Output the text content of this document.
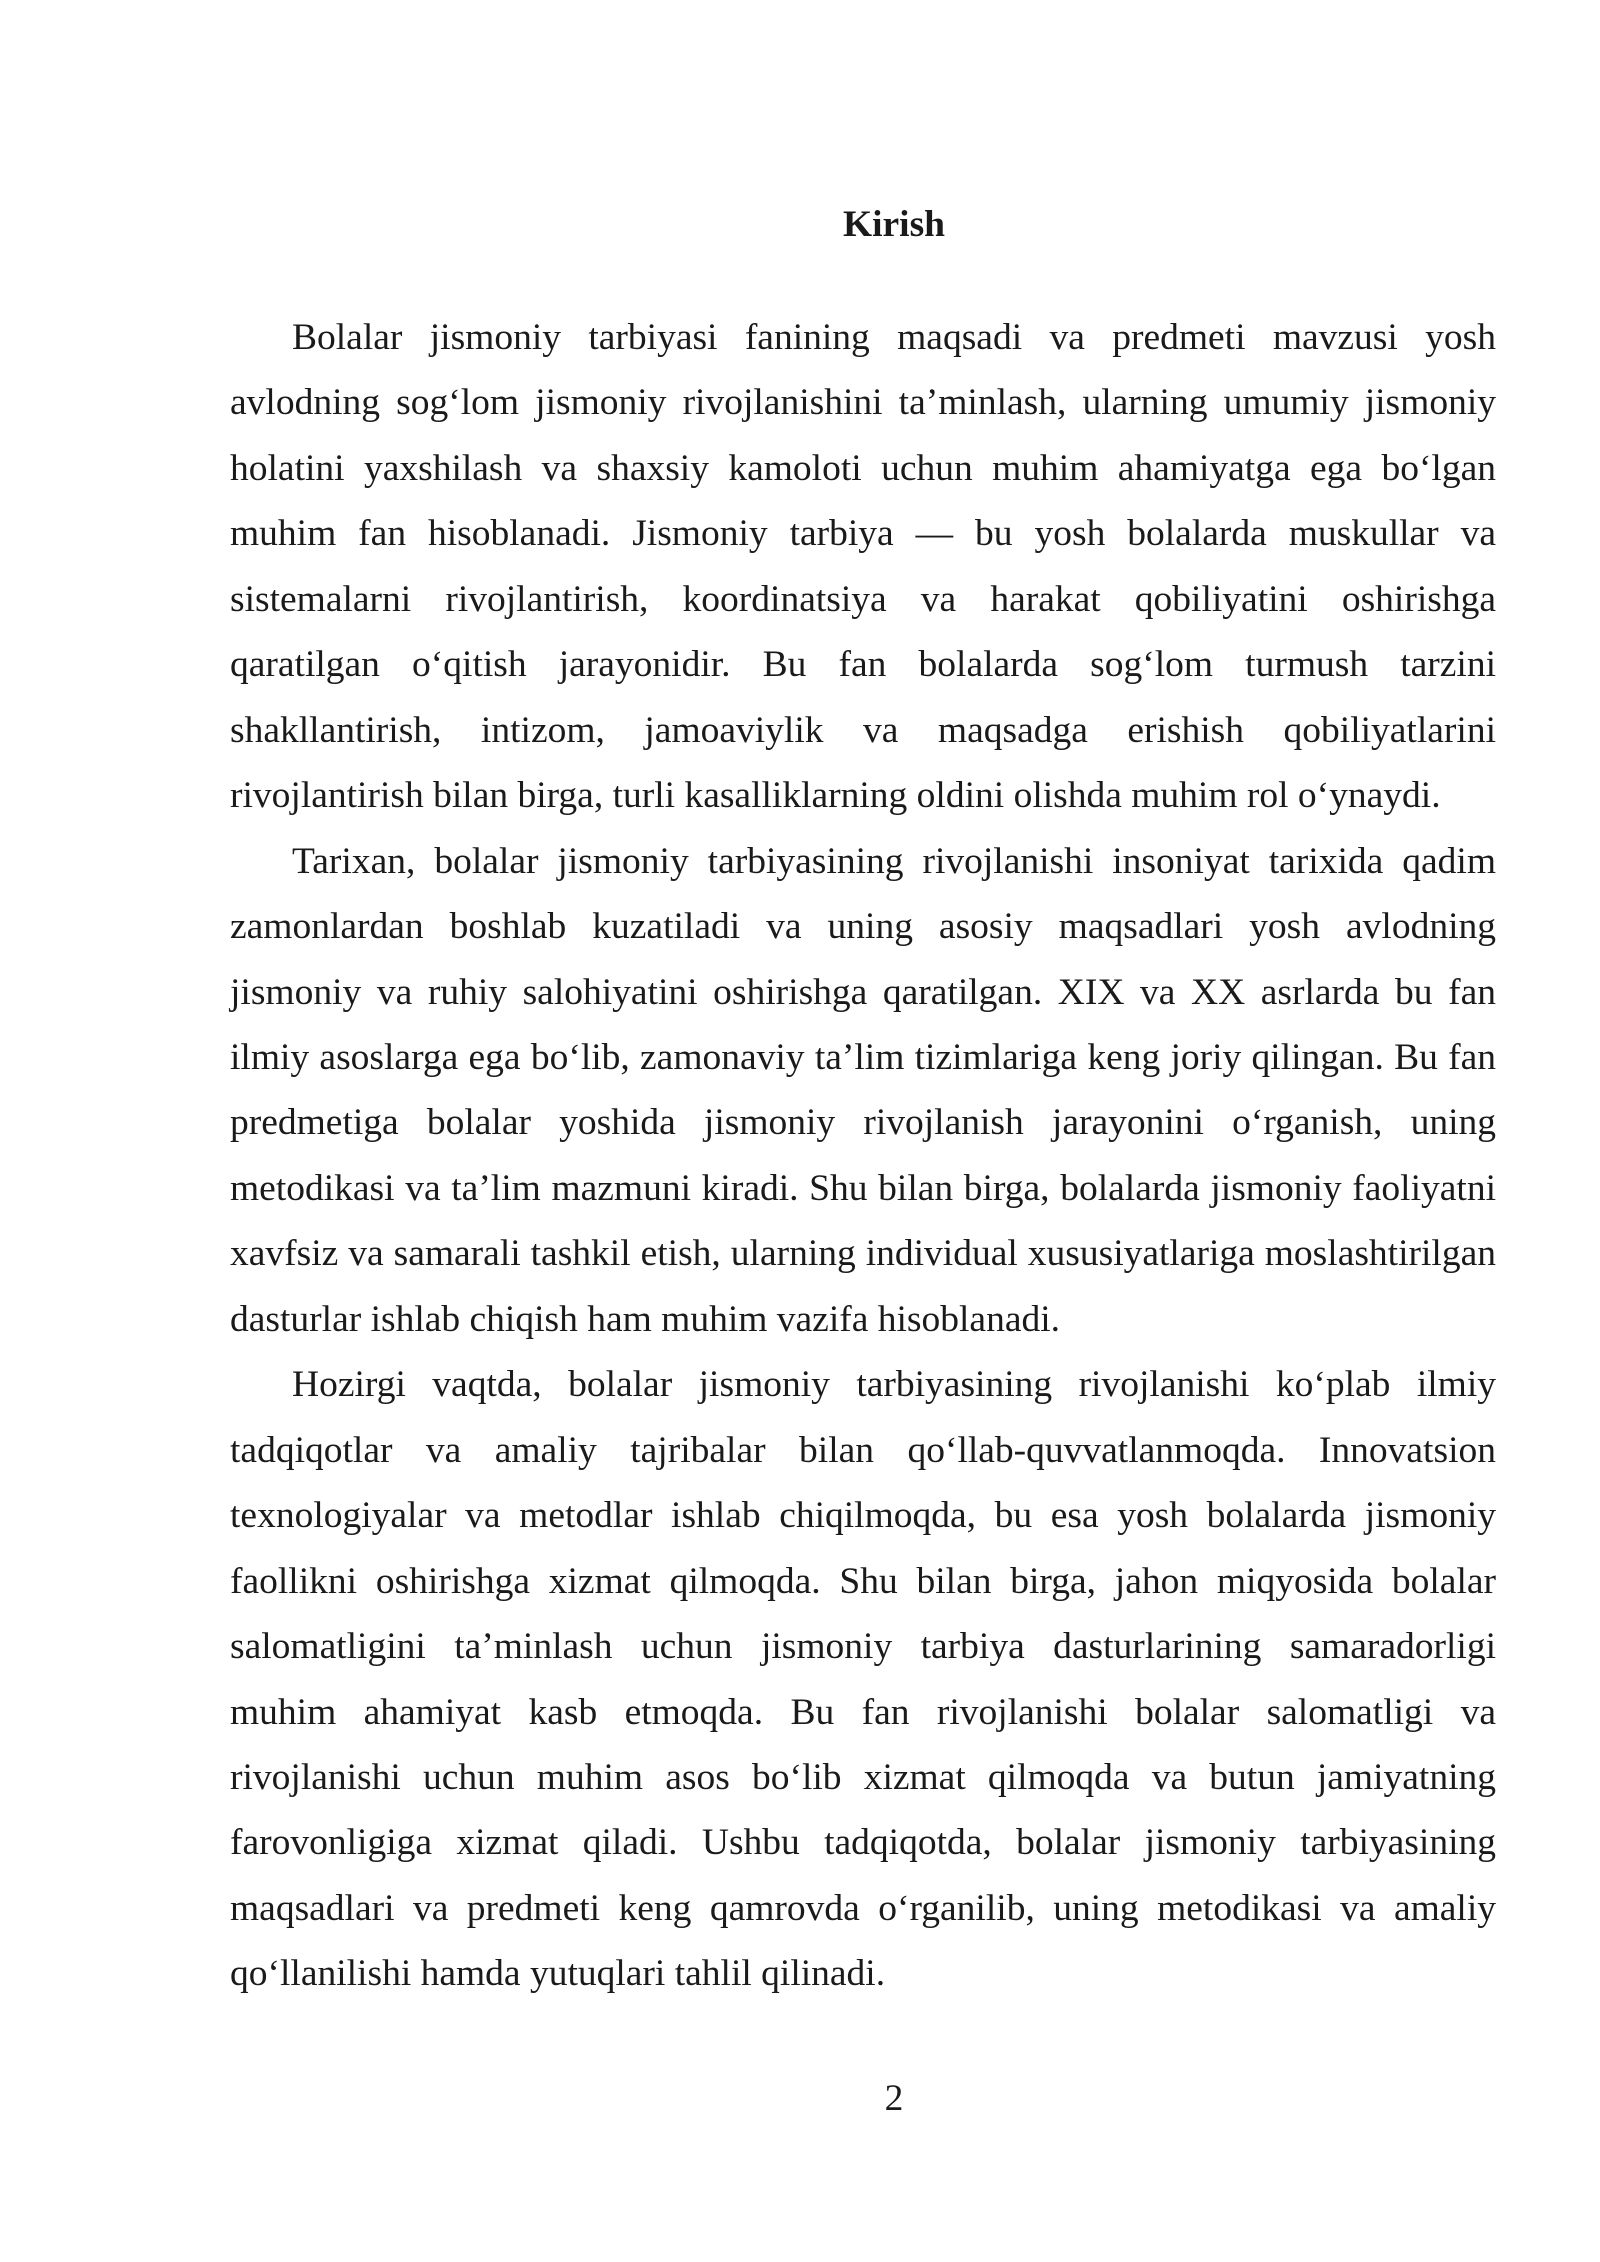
Kirish

Bolalar jismoniy tarbiyasi fanining maqsadi va predmeti mavzusi yosh avlodning sog‘lom jismoniy rivojlanishini ta’minlash, ularning umumiy jismoniy holatini yaxshilash va shaxsiy kamoloti uchun muhim ahamiyatga ega bo‘lgan muhim fan hisoblanadi. Jismoniy tarbiya — bu yosh bolalarda muskullar va sistemalarni rivojlantirish, koordinatsiya va harakat qobiliyatini oshirishga qaratilgan o‘qitish jarayonidir. Bu fan bolalarda sog‘lom turmush tarzini shakllantirish, intizom, jamoaviylik va maqsadga erishish qobiliyatlarini rivojlantirish bilan birga, turli kasalliklarning oldini olishda muhim rol o‘ynaydi.

Tarixan, bolalar jismoniy tarbiyasining rivojlanishi insoniyat tarixida qadim zamonlardan boshlab kuzatiladi va uning asosiy maqsadlari yosh avlodning jismoniy va ruhiy salohiyatini oshirishga qaratilgan. XIX va XX asrlarda bu fan ilmiy asoslarga ega bo‘lib, zamonaviy ta’lim tizimlariga keng joriy qilingan. Bu fan predmetiga bolalar yoshida jismoniy rivojlanish jarayonini o‘rganish, uning metodikasi va ta’lim mazmuni kiradi. Shu bilan birga, bolalarda jismoniy faoliyatni xavfsiz va samarali tashkil etish, ularning individual xususiyatlariga moslashtirilgan dasturlar ishlab chiqish ham muhim vazifa hisoblanadi.

Hozirgi vaqtda, bolalar jismoniy tarbiyasining rivojlanishi ko‘plab ilmiy tadqiqotlar va amaliy tajribalar bilan qo‘llab-quvvatlanmoqda. Innovatsion texnologiyalar va metodlar ishlab chiqilmoqda, bu esa yosh bolalarda jismoniy faollikni oshirishga xizmat qilmoqda. Shu bilan birga, jahon miqyosida bolalar salomatligini ta’minlash uchun jismoniy tarbiya dasturlarining samaradorligi muhim ahamiyat kasb etmoqda. Bu fan rivojlanishi bolalar salomatligi va rivojlanishi uchun muhim asos bo‘lib xizmat qilmoqda va butun jamiyatning farovonligiga xizmat qiladi. Ushbu tadqiqotda, bolalar jismoniy tarbiyasining maqsadlari va predmeti keng qamrovda o‘rganilib, uning metodikasi va amaliy qo‘llanilishi hamda yutuqlari tahlil qilinadi.

2
